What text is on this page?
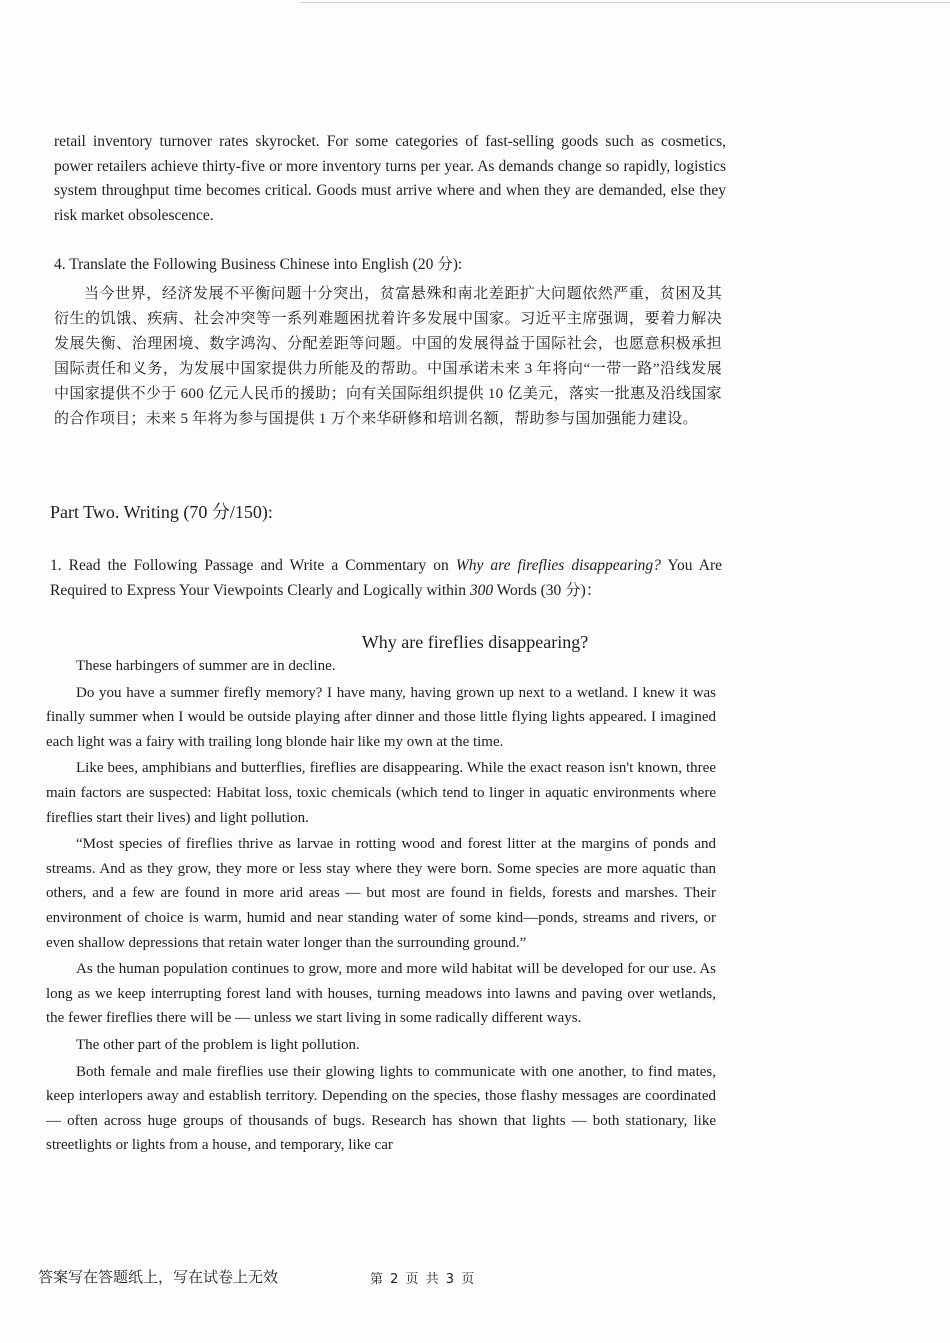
retail inventory turnover rates skyrocket. For some categories of fast-selling goods such as cosmetics, power retailers achieve thirty-five or more inventory turns per year. As demands change so rapidly, logistics system throughput time becomes critical. Goods must arrive where and when they are demanded, else they risk market obsolescence.

4. Translate the Following Business Chinese into English (20 分):

当今世界，经济发展不平衡问题十分突出，贫富悬殊和南北差距扩大问题依然严重，贫困及其衍生的饥饿、疾病、社会冲突等一系列难题困扰着许多发展中国家。习近平主席强调，要着力解决发展失衡、治理困境、数字鸿沟、分配差距等问题。中国的发展得益于国际社会，也愿意积极承担国际责任和义务，为发展中国家提供力所能及的帮助。中国承诺未来 3 年将向“一带一路”沿线发展中国家提供不少于 600 亿元人民币的援助；向有关国际组织提供 10 亿美元，落实一批惠及沿线国家的合作项目；未来 5 年将为参与国提供 1 万个来华研修和培训名额，帮助参与国加强能力建设。

Part Two. Writing (70 分/150):

1. Read the Following Passage and Write a Commentary on Why are fireflies disappearing? You Are Required to Express Your Viewpoints Clearly and Logically within 300 Words (30 分)：

Why are fireflies disappearing?

These harbingers of summer are in decline.

Do you have a summer firefly memory? I have many, having grown up next to a wetland. I knew it was finally summer when I would be outside playing after dinner and those little flying lights appeared. I imagined each light was a fairy with trailing long blonde hair like my own at the time.

Like bees, amphibians and butterflies, fireflies are disappearing. While the exact reason isn't known, three main factors are suspected: Habitat loss, toxic chemicals (which tend to linger in aquatic environments where fireflies start their lives) and light pollution.

“Most species of fireflies thrive as larvae in rotting wood and forest litter at the margins of ponds and streams. And as they grow, they more or less stay where they were born. Some species are more aquatic than others, and a few are found in more arid areas — but most are found in fields, forests and marshes. Their environment of choice is warm, humid and near standing water of some kind—ponds, streams and rivers, or even shallow depressions that retain water longer than the surrounding ground.”

As the human population continues to grow, more and more wild habitat will be developed for our use. As long as we keep interrupting forest land with houses, turning meadows into lawns and paving over wetlands, the fewer fireflies there will be — unless we start living in some radically different ways.

The other part of the problem is light pollution.

Both female and male fireflies use their glowing lights to communicate with one another, to find mates, keep interlopers away and establish territory. Depending on the species, those flashy messages are coordinated — often across huge groups of thousands of bugs. Research has shown that lights — both stationary, like streetlights or lights from a house, and temporary, like car

答案写在答题纸上，写在试卷上无效	第 2 页 共 3 页
